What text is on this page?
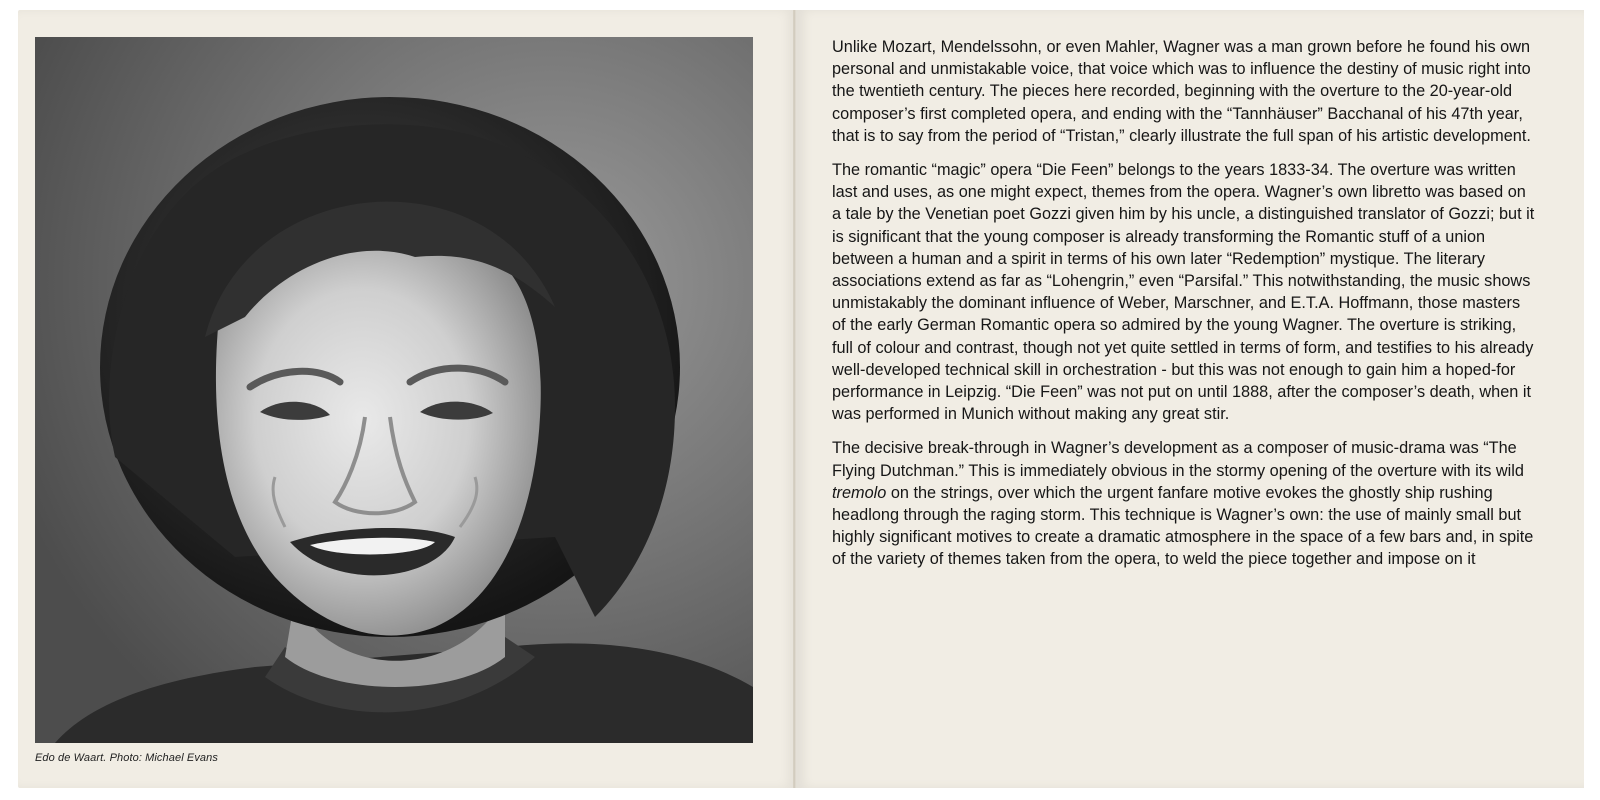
Edo de Waart. Photo: Michael Evans

Unlike Mozart, Mendelssohn, or even Mahler, Wagner was a man grown before he found his own personal and unmistakable voice, that voice which was to influence the destiny of music right into the twentieth century. The pieces here recorded, beginning with the overture to the 20-year-old composer’s first completed opera, and ending with the “Tannhäuser” Bacchanal of his 47th year, that is to say from the period of “Tristan,” clearly illustrate the full span of his artistic development.

The romantic “magic” opera “Die Feen” belongs to the years 1833-34. The overture was written last and uses, as one might expect, themes from the opera. Wagner’s own libretto was based on a tale by the Venetian poet Gozzi given him by his uncle, a distinguished translator of Gozzi; but it is significant that the young composer is already transforming the Romantic stuff of a union between a human and a spirit in terms of his own later “Redemption” mystique. The literary associations extend as far as “Lohengrin,” even “Parsifal.” This notwithstanding, the music shows unmistakably the dominant influence of Weber, Marschner, and E.T.A. Hoffmann, those masters of the early German Romantic opera so admired by the young Wagner. The overture is striking, full of colour and contrast, though not yet quite settled in terms of form, and testifies to his already well-developed technical skill in orchestration - but this was not enough to gain him a hoped-for performance in Leipzig. “Die Feen” was not put on until 1888, after the composer’s death, when it was performed in Munich without making any great stir.

The decisive break-through in Wagner’s development as a composer of music-drama was “The Flying Dutchman.” This is immediately obvious in the stormy opening of the overture with its wild tremolo on the strings, over which the urgent fanfare motive evokes the ghostly ship rushing headlong through the raging storm. This technique is Wagner’s own: the use of mainly small but highly significant motives to create a dramatic atmosphere in the space of a few bars and, in spite of the variety of themes taken from the opera, to weld the piece together and impose on it
